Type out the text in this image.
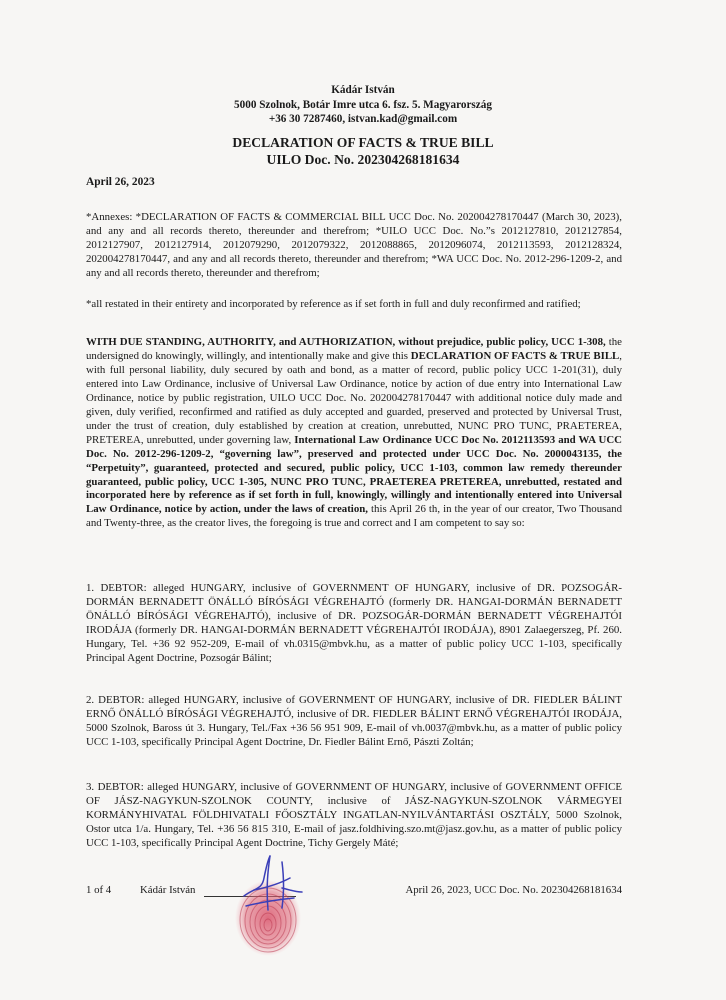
Kádár István
5000 Szolnok, Botár Imre utca 6. fsz. 5. Magyarország
+36 30 7287460, istvan.kad@gmail.com
DECLARATION OF FACTS & TRUE BILL
UILO Doc. No. 202304268181634
April 26, 2023
*Annexes: *DECLARATION OF FACTS & COMMERCIAL BILL UCC Doc. No. 202004278170447 (March 30, 2023), and any and all records thereto, thereunder and therefrom; *UILO UCC Doc. No.”s 2012127810, 2012127854, 2012127907, 2012127914, 2012079290, 2012079322, 2012088865, 2012096074, 2012113593, 2012128324, 202004278170447, and any and all records thereto, thereunder and therefrom; *WA UCC Doc. No. 2012-296-1209-2, and any and all records thereto, thereunder and therefrom;
*all restated in their entirety and incorporated by reference as if set forth in full and duly reconfirmed and ratified;
WITH DUE STANDING, AUTHORITY, and AUTHORIZATION, without prejudice, public policy, UCC 1-308, the undersigned do knowingly, willingly, and intentionally make and give this DECLARATION OF FACTS & TRUE BILL, with full personal liability, duly secured by oath and bond, as a matter of record, public policy UCC 1-201(31), duly entered into Law Ordinance, inclusive of Universal Law Ordinance, notice by action of due entry into International Law Ordinance, notice by public registration, UILO UCC Doc. No. 202004278170447 with additional notice duly made and given, duly verified, reconfirmed and ratified as duly accepted and guarded, preserved and protected by Universal Trust, under the trust of creation, duly established by creation at creation, unrebutted, NUNC PRO TUNC, PRAETEREA, PRETEREA, unrebutted, under governing law, International Law Ordinance UCC Doc No. 2012113593 and WA UCC Doc. No. 2012-296-1209-2, “governing law”, preserved and protected under UCC Doc. No. 2000043135, the “Perpetuity”, guaranteed, protected and secured, public policy, UCC 1-103, common law remedy thereunder guaranteed, public policy, UCC 1-305, NUNC PRO TUNC, PRAETEREA PRETEREA, unrebutted, restated and incorporated here by reference as if set forth in full, knowingly, willingly and intentionally entered into Universal Law Ordinance, notice by action, under the laws of creation, this April 26 th, in the year of our creator, Two Thousand and Twenty-three, as the creator lives, the foregoing is true and correct and I am competent to say so:
1. DEBTOR: alleged HUNGARY, inclusive of GOVERNMENT OF HUNGARY, inclusive of DR. POZSOGÁR-DORMÁN BERNADETT ÖNÁLLÓ BÍRÓSÁGI VÉGREHAJTÓ (formerly DR. HANGAI-DORMÁN BERNADETT ÖNÁLLÓ BÍRÓSÁGI VÉGREHAJTÓ), inclusive of DR. POZSOGÁR-DORMÁN BERNADETT VÉGREHAJTÓI IRODÁJA (formerly DR. HANGAI-DORMÁN BERNADETT VÉGREHAJTÓI IRODÁJA), 8901 Zalaegerszeg, Pf. 260. Hungary, Tel. +36 92 952-209, E-mail of vh.0315@mbvk.hu, as a matter of public policy UCC 1-103, specifically Principal Agent Doctrine, Pozsogár Bálint;
2. DEBTOR: alleged HUNGARY, inclusive of GOVERNMENT OF HUNGARY, inclusive of DR. FIEDLER BÁLINT ERNŐ ÖNÁLLÓ BÍRÓSÁGI VÉGREHAJTÓ, inclusive of DR. FIEDLER BÁLINT ERNŐ VÉGREHAJTÓI IRODÁJA, 5000 Szolnok, Baross út 3. Hungary, Tel./Fax +36 56 951 909, E-mail of vh.0037@mbvk.hu, as a matter of public policy UCC 1-103, specifically Principal Agent Doctrine, Dr. Fiedler Bálint Ernő, Pászti Zoltán;
3. DEBTOR: alleged HUNGARY, inclusive of GOVERNMENT OF HUNGARY, inclusive of GOVERNMENT OFFICE OF JÁSZ-NAGYKUN-SZOLNOK COUNTY, inclusive of JÁSZ-NAGYKUN-SZOLNOK VÁRMEGYEI KORMÁNYHIVATAL FÖLDHIVATALI FŐOSZTÁLY INGATLAN-NYILVÁNTARTÁSI OSZTÁLY, 5000 Szolnok, Ostor utca 1/a. Hungary, Tel. +36 56 815 310, E-mail of jasz.foldhiving.szo.mt@jasz.gov.hu, as a matter of public policy UCC 1-103, specifically Principal Agent Doctrine, Tichy Gergely Máté;
1 of 4	Kádár István	April 26, 2023, UCC Doc. No. 202304268181634
